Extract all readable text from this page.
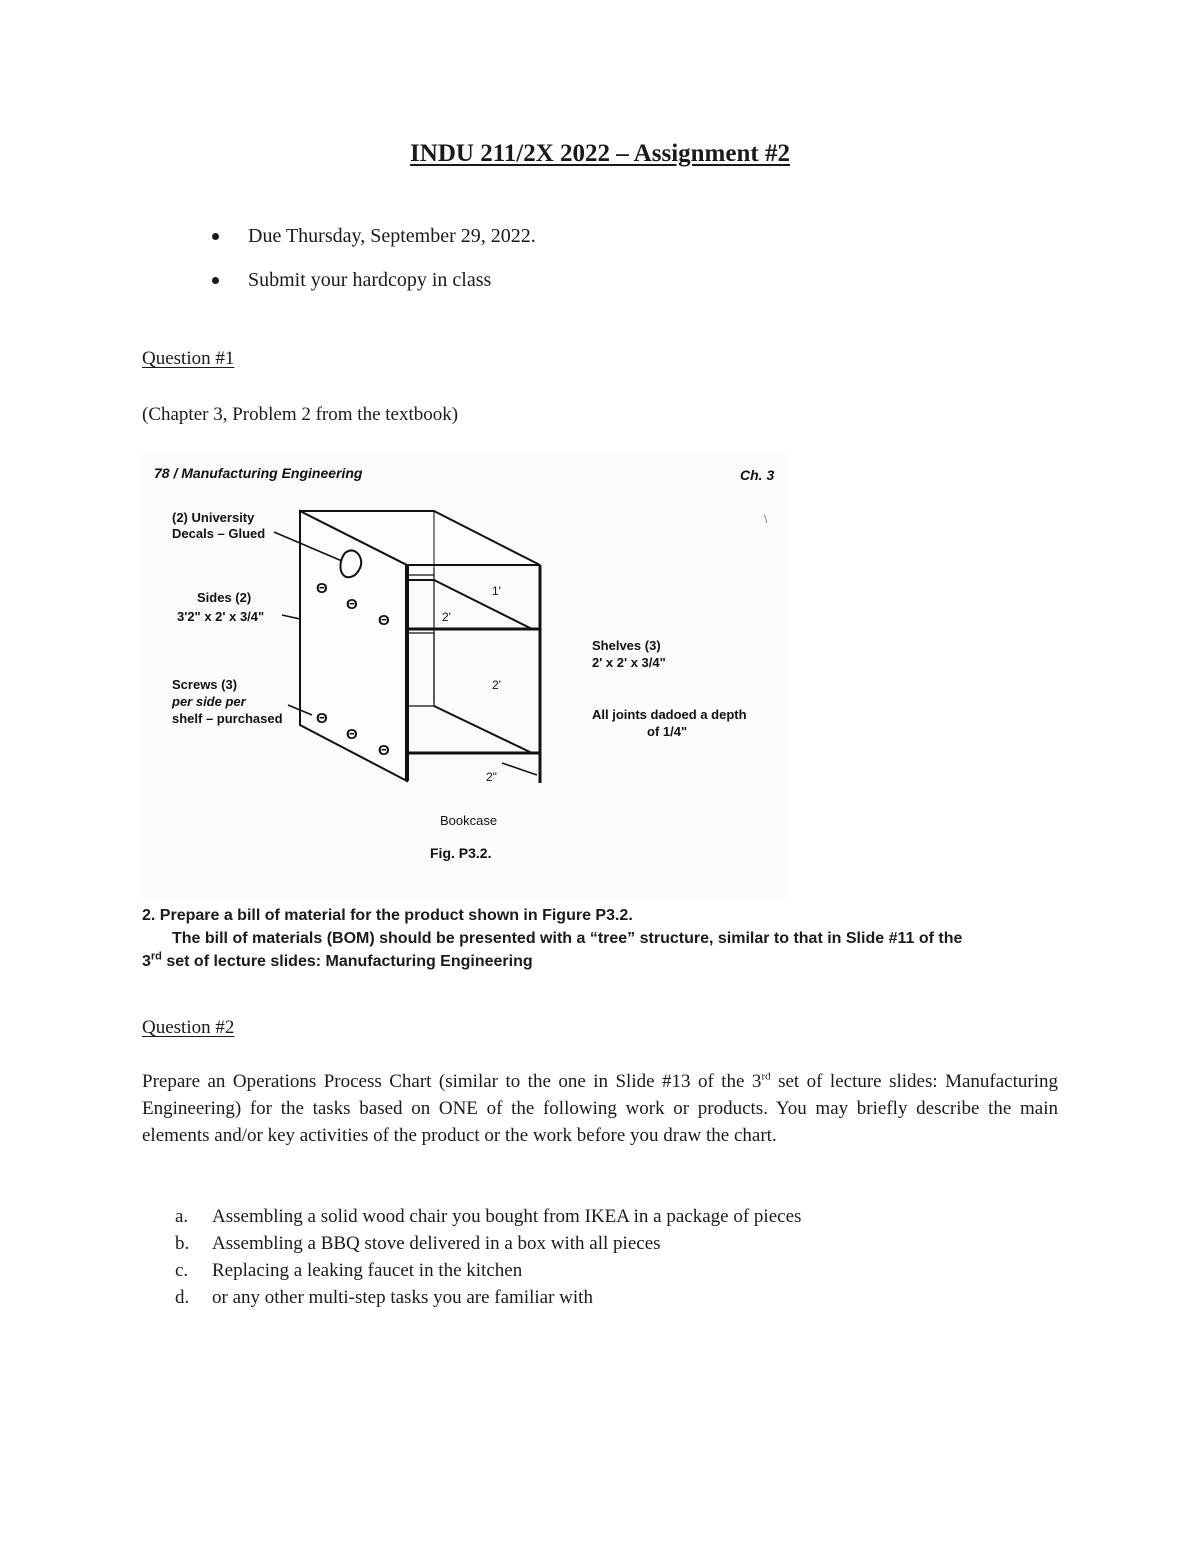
INDU 211/2X 2022 – Assignment #2
Due Thursday, September 29, 2022.
Submit your hardcopy in class
Question #1
(Chapter 3, Problem 2 from the textbook)
78 / Manufacturing Engineering	Ch. 3
(2) University
Decals – Glued
Sides (2)
3'2" x 2' x 3/4"
Screws (3)
per side per
shelf – purchased
Shelves (3)
2' x 2' x 3/4"
All joints dadoed a depth
of 1/4"
1'
2'
2'
2"
Bookcase
Fig. P3.2.
Θ
Θ
Θ
Θ
Θ
Θ
\
2. Prepare a bill of material for the product shown in Figure P3.2.
The bill of materials (BOM) should be presented with a “tree” structure, similar to that in Slide #11 of the
3rd set of lecture slides: Manufacturing Engineering
Question #2
Prepare an Operations Process Chart (similar to the one in Slide #13 of the 3rd set of lecture slides: Manufacturing Engineering) for the tasks based on ONE of the following work or products. You may briefly describe the main elements and/or key activities of the product or the work before you draw the chart.
a. Assembling a solid wood chair you bought from IKEA in a package of pieces
b. Assembling a BBQ stove delivered in a box with all pieces
c. Replacing a leaking faucet in the kitchen
d. or any other multi-step tasks you are familiar with
